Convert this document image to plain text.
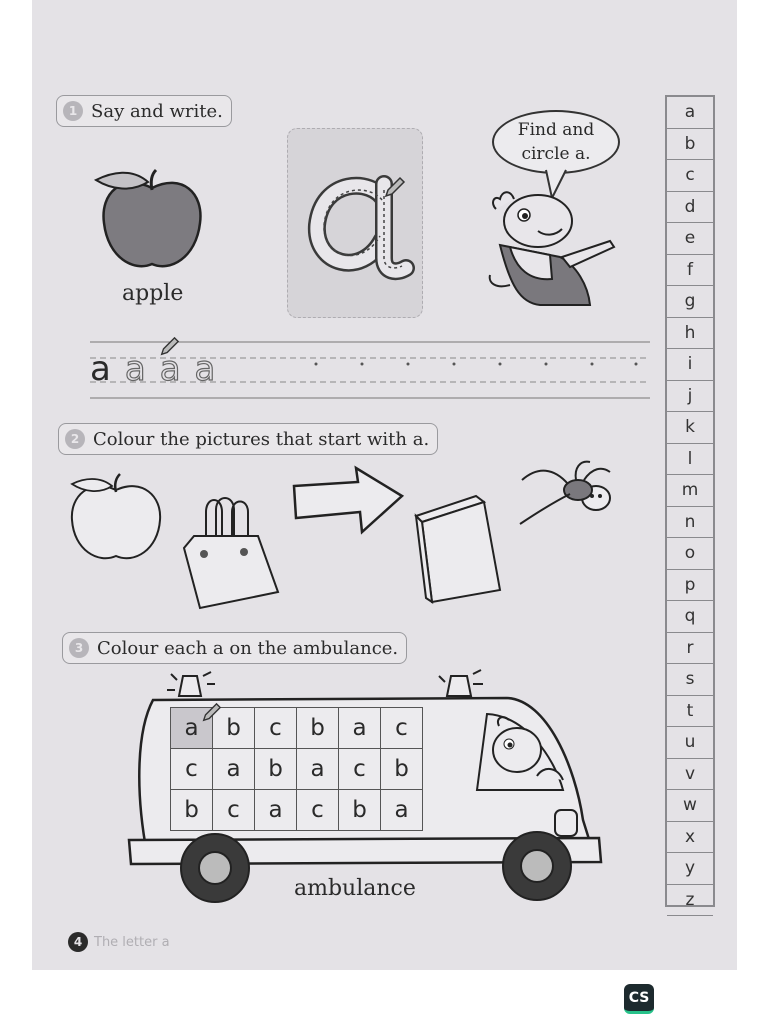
1 Say and write.
apple
Find and
circle a.
a a a a
2 Colour the pictures that start with a.
3 Colour each a on the ambulance.
a	b	c	b	a	c
c	a	b	a	c	b
b	c	a	c	b	a
ambulance
a
b
c
d
e
f
g
h
i
j
k
l
m
n
o
p
q
r
s
t
u
v
w
x
y
z
4 The letter a
CS
